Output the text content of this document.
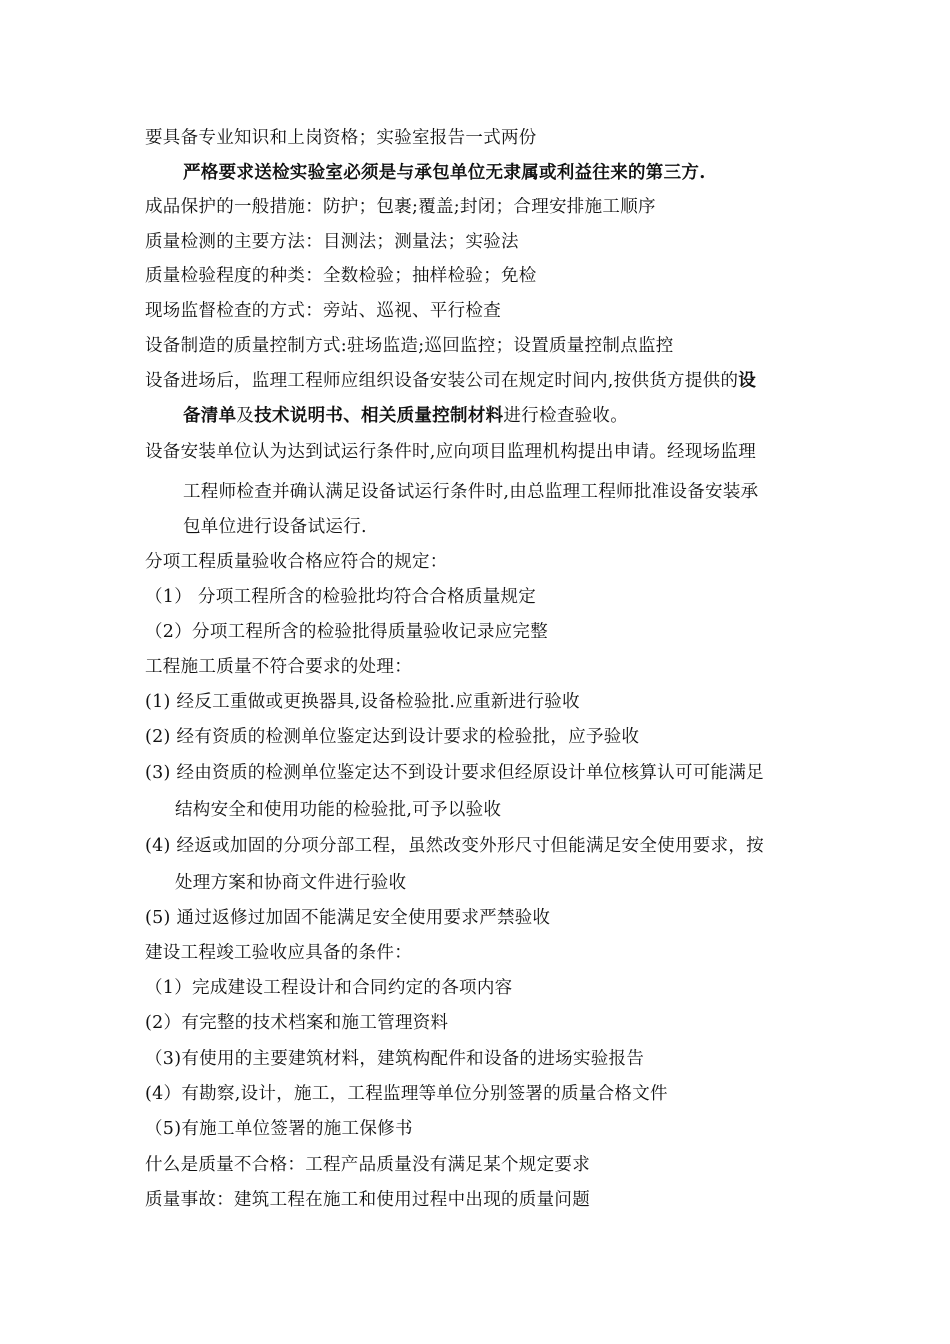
要具备专业知识和上岗资格；实验室报告一式两份
严格要求送检实验室必须是与承包单位无隶属或利益往来的第三方.
成品保护的一般措施：防护；包裹;覆盖;封闭；合理安排施工顺序
质量检测的主要方法：目测法；测量法；实验法
质量检验程度的种类：全数检验；抽样检验；免检
现场监督检查的方式：旁站、巡视、平行检查
设备制造的质量控制方式:驻场监造;巡回监控；设置质量控制点监控
设备进场后，监理工程师应组织设备安装公司在规定时间内,按供货方提供的设
备清单及技术说明书、相关质量控制材料进行检查验收。
设备安装单位认为达到试运行条件时,应向项目监理机构提出申请。经现场监理
工程师检查并确认满足设备试运行条件时,由总监理工程师批准设备安装承
包单位进行设备试运行.
分项工程质量验收合格应符合的规定：
（1） 分项工程所含的检验批均符合合格质量规定
（2）分项工程所含的检验批得质量验收记录应完整
工程施工质量不符合要求的处理：
(1) 经反工重做或更换器具,设备检验批.应重新进行验收
(2) 经有资质的检测单位鉴定达到设计要求的检验批，应予验收
(3) 经由资质的检测单位鉴定达不到设计要求但经原设计单位核算认可可能满足
结构安全和使用功能的检验批,可予以验收
(4) 经返或加固的分项分部工程，虽然改变外形尺寸但能满足安全使用要求，按
处理方案和协商文件进行验收
(5) 通过返修过加固不能满足安全使用要求严禁验收
建设工程竣工验收应具备的条件：
（1）完成建设工程设计和合同约定的各项内容
(2）有完整的技术档案和施工管理资料
（3)有使用的主要建筑材料，建筑构配件和设备的进场实验报告
(4）有勘察,设计，施工，工程监理等单位分别签署的质量合格文件
（5)有施工单位签署的施工保修书
什么是质量不合格：工程产品质量没有满足某个规定要求
质量事故：建筑工程在施工和使用过程中出现的质量问题
